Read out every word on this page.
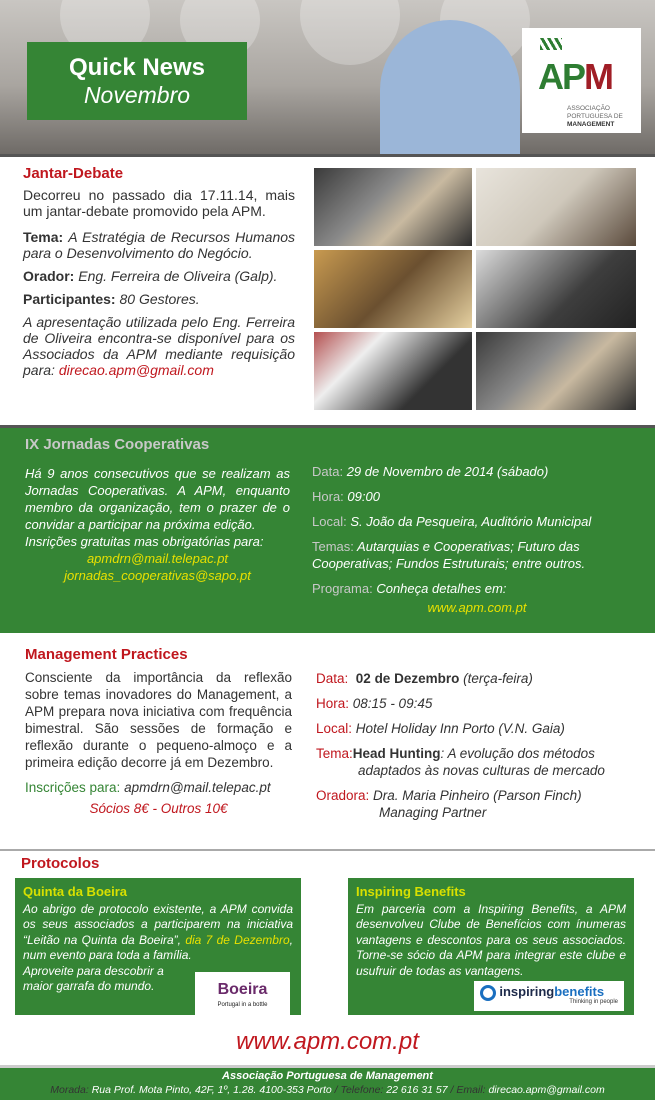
Quick News
Novembro	APM
ASSOCIAÇÃO
PORTUGUESA DE
MANAGEMENT
Jantar-Debate

Decorreu no passado dia 17.11.14, mais um jantar-debate promovido pela APM.

Tema: A Estratégia de Recursos Humanos para o Desenvolvimento do Negócio.

Orador: Eng. Ferreira de Oliveira (Galp).

Participantes: 80 Gestores.

A apresentação utilizada pelo Eng. Ferreira de Oliveira encontra-se disponível para os Associados da APM mediante requisição para: direcao.apm@gmail.com

IX Jornadas Cooperativas
Há 9 anos consecutivos que se realizam as Jornadas Cooperativas. A APM, enquanto membro da organização, tem o prazer de o convidar a participar na próxima edição.
Insrições gratuitas mas obrigatórias para:
apmdrn@mail.telepac.pt
jornadas_cooperativas@sapo.pt

Data: 29 de Novembro de 2014 (sábado)

Hora: 09:00

Local: S. João da Pesqueira, Auditório Municipal

Temas: Autarquias e Cooperativas; Futuro das Cooperativas; Fundos Estruturais; entre outros.

Programa: Conheça detalhes em:

www.apm.com.pt
Management Practices

Consciente da importância da reflexão sobre temas inovadores do Management, a APM prepara nova iniciativa com frequência bimestral. São sessões de formação e reflexão durante o pequeno-almoço e a primeira edição decorre já em Dezembro.

Inscrições para: apmdrn@mail.telepac.pt

Sócios 8€ - Outros 10€

Data: 02 de Dezembro (terça-feira)

Hora: 08:15 - 09:45

Local: Hotel Holiday Inn Porto (V.N. Gaia)

Tema:Head Hunting: A evolução dos métodos adaptados às novas culturas de mercado

Oradora: Dra. Maria Pinheiro (Parson Finch)
Managing Partner

Protocolos
Quinta da Boeira
Ao abrigo de protocolo existente, a APM convida os seus associados a participarem na iniciativa “Leitão na Quinta da Boeira”, dia 7 de Dezembro, num evento para toda a família.
Aproveite para descobrir a maior garrafa do mundo.	Boeira
Portugal in a bottle
Inspiring Benefits
Em parceria com a Inspiring Benefits, a APM desenvolveu Clube de Benefícios com ínumeras vantagens e descontos para os seus associados. Torne-se sócio da APM para integrar este clube e usufruir de todas as vantagens.
inspiringbenefits
Thinking in people
www.apm.com.pt
Associação Portuguesa de Management
Morada: Rua Prof. Mota Pinto, 42F, 1º, 1.28. 4100-353 Porto / Telefone: 22 616 31 57 / Email: direcao.apm@gmail.com
